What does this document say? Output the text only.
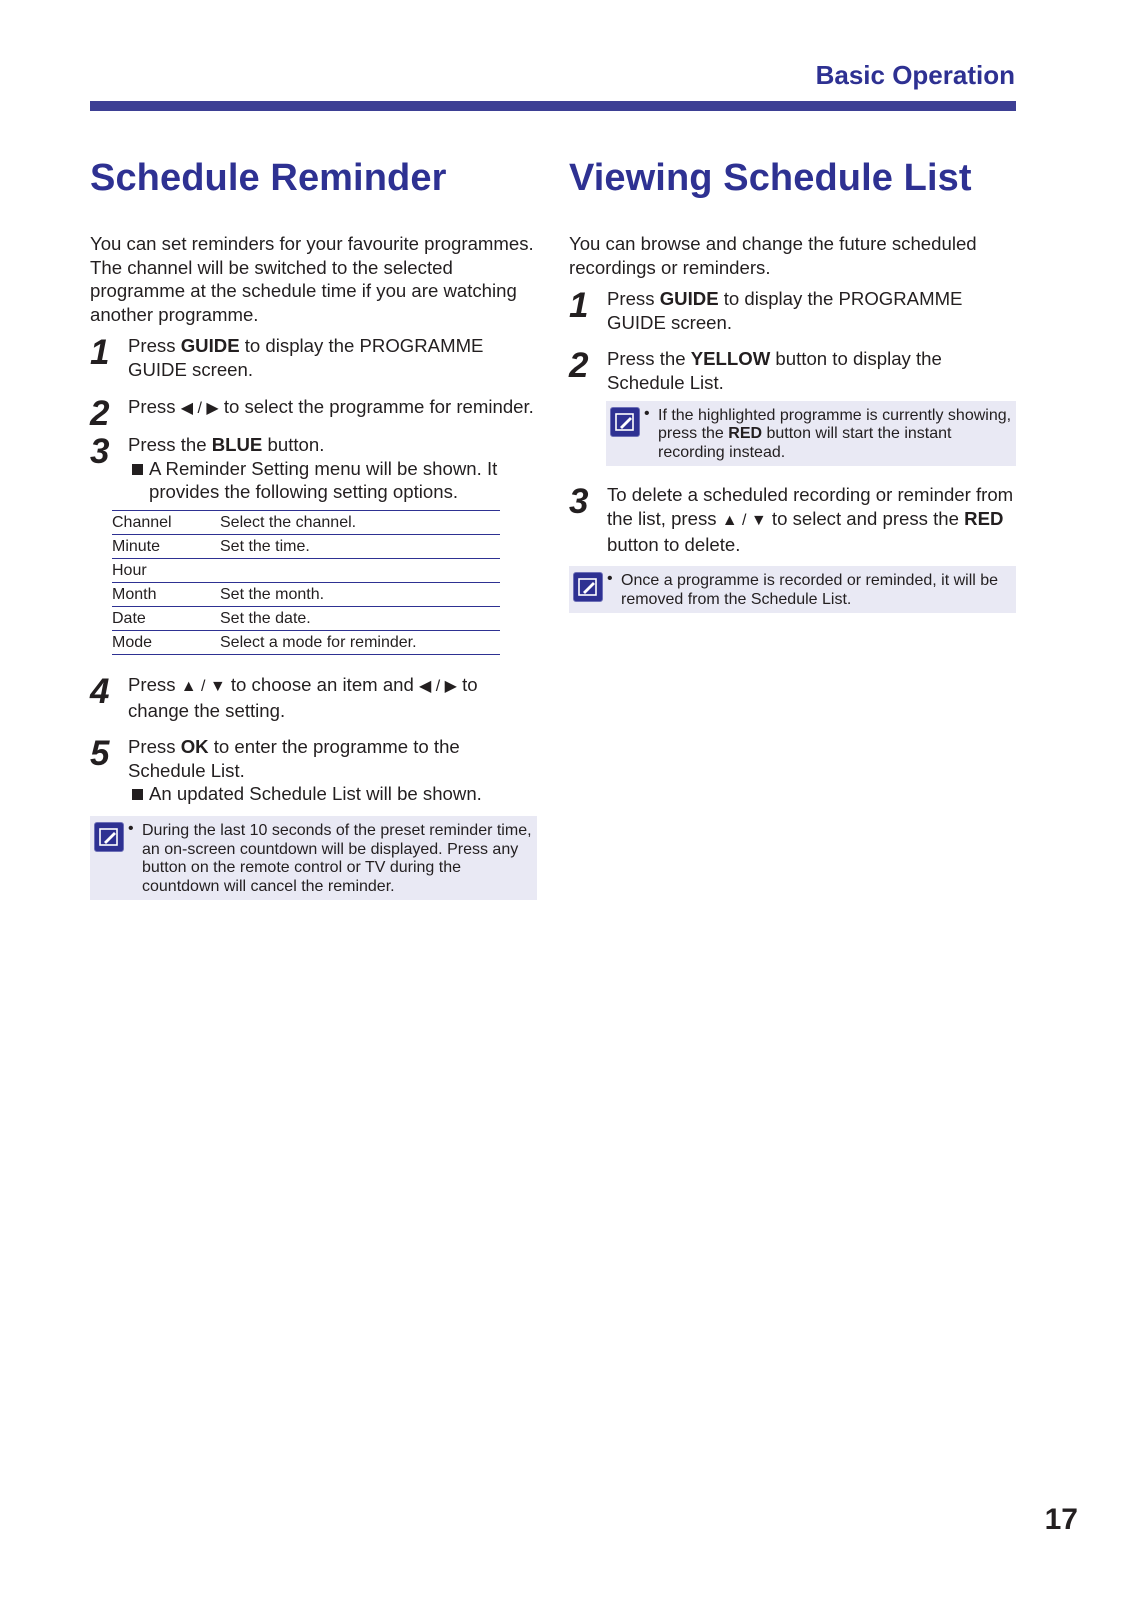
Basic Operation
Schedule Reminder

You can set reminders for your favourite programmes. The channel will be switched to the selected programme at the schedule time if you are watching another programme.

1 Press GUIDE to display the PROGRAMME GUIDE screen.
2 Press ◀ / ▶ to select the programme for reminder.
3 Press the BLUE button.
A Reminder Setting menu will be shown. It provides the following setting options.
Channel	Select the channel.
Minute	Set the time.
Hour	
Month	Set the month.
Date	Set the date.
Mode	Select a mode for reminder.
4 Press ▲ / ▼ to choose an item and ◀ / ▶ to change the setting.
5 Press OK to enter the programme to the Schedule List.
An updated Schedule List will be shown.
• During the last 10 seconds of the preset reminder time, an on-screen countdown will be displayed. Press any button on the remote control or TV during the countdown will cancel the reminder.
Viewing Schedule List

You can browse and change the future scheduled recordings or reminders.

1 Press GUIDE to display the PROGRAMME GUIDE screen.
2 Press the YELLOW button to display the Schedule List.
• If the highlighted programme is currently showing, press the RED button will start the instant recording instead.
3 To delete a scheduled recording or reminder from the list, press ▲ / ▼ to select and press the RED button to delete.
• Once a programme is recorded or reminded, it will be removed from the Schedule List.
17
